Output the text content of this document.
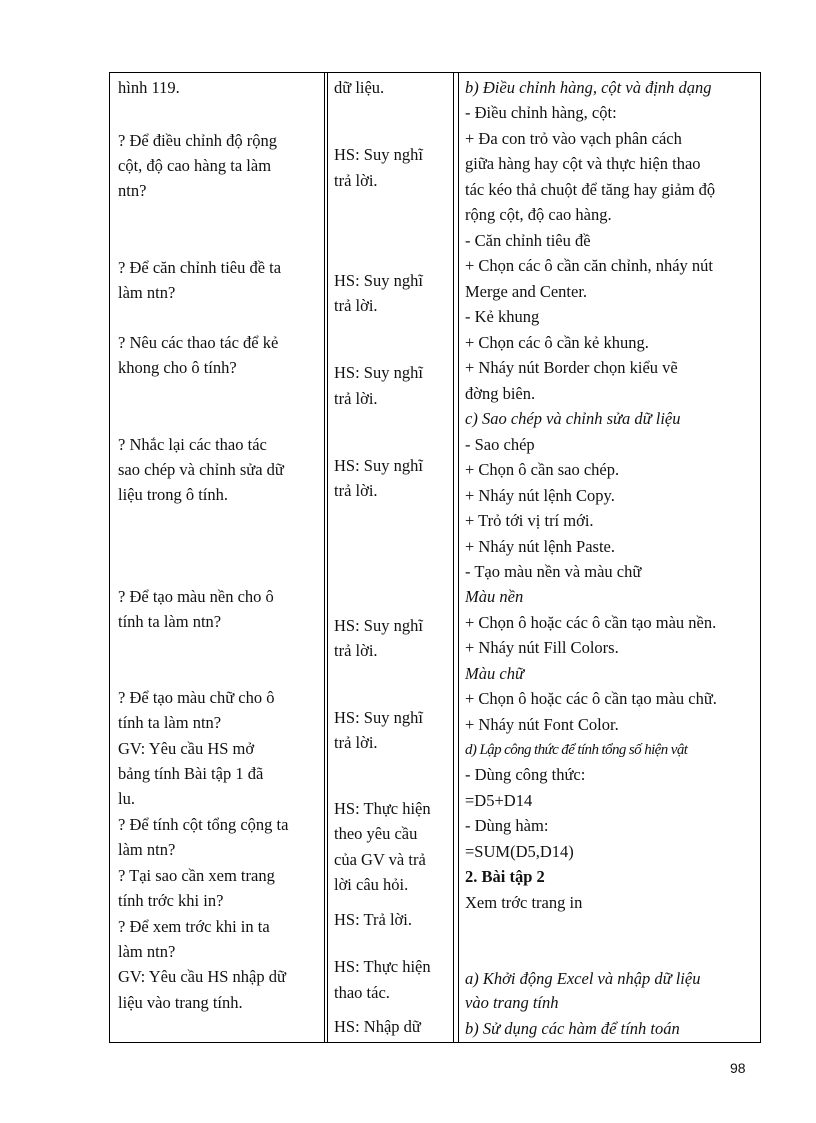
hình 119.
? Để điều chỉnh độ rộng
cột, độ cao hàng ta làm
ntn?
? Để căn chỉnh tiêu đề ta
làm ntn?
? Nêu các thao tác để kẻ
khong cho ô tính?
? Nhắc lại các thao tác
sao chép và chỉnh sửa dữ
liệu trong ô tính.
? Để tạo màu nền cho ô
tính ta làm ntn?
? Để tạo màu chữ cho ô
tính ta làm ntn?
GV: Yêu cầu HS mở
bảng tính Bài tập 1 đã
lu.
? Để tính cột tổng cộng ta
làm ntn?
? Tại sao cần xem trang
tính trớc khi in?
? Để xem trớc khi in ta
làm ntn?
GV: Yêu cầu HS nhập dữ
liệu vào trang tính.
dữ liệu.
HS: Suy nghĩ
trả lời.
HS: Suy nghĩ
trả lời.
HS: Suy nghĩ
trả lời.
HS: Suy nghĩ
trả lời.
HS: Suy nghĩ
trả lời.
HS: Suy nghĩ
trả lời.
HS: Thực hiện
theo yêu cầu
của GV và trả
lời câu hỏi.
HS: Trả lời.
HS: Thực hiện
thao tác.
HS: Nhập dữ
b) Điều chỉnh hàng, cột và định dạng
- Điều chỉnh hàng, cột:
+ Đa con trỏ vào vạch phân cách
giữa hàng hay cột và thực hiện thao
tác kéo thả chuột để tăng hay giảm độ
rộng cột, độ cao hàng.
- Căn chỉnh tiêu đề
+ Chọn các ô cần căn chỉnh, nháy nút
Merge and Center.
- Kẻ khung
+ Chọn các ô cần kẻ khung.
+ Nháy nút Border chọn kiểu vẽ
đờng biên.
c) Sao chép và chỉnh sửa dữ liệu
- Sao chép
+ Chọn ô cần sao chép.
+ Nháy nút lệnh Copy.
+ Trỏ tới vị trí mới.
+ Nháy nút lệnh Paste.
- Tạo màu nền và màu chữ
Màu nền
+ Chọn ô hoặc các ô cần tạo màu nền.
+ Nháy nút Fill Colors.
Màu chữ
+ Chọn ô hoặc các ô cần tạo màu chữ.
+ Nháy nút Font Color.
d) Lập công thức để tính tổng số hiện vật
- Dùng công thức:
=D5+D14
- Dùng hàm:
=SUM(D5,D14)
2. Bài tập 2
Xem trớc trang in
a) Khởi động Excel và nhập dữ liệu
vào trang tính
b) Sử dụng các hàm để tính toán
98
